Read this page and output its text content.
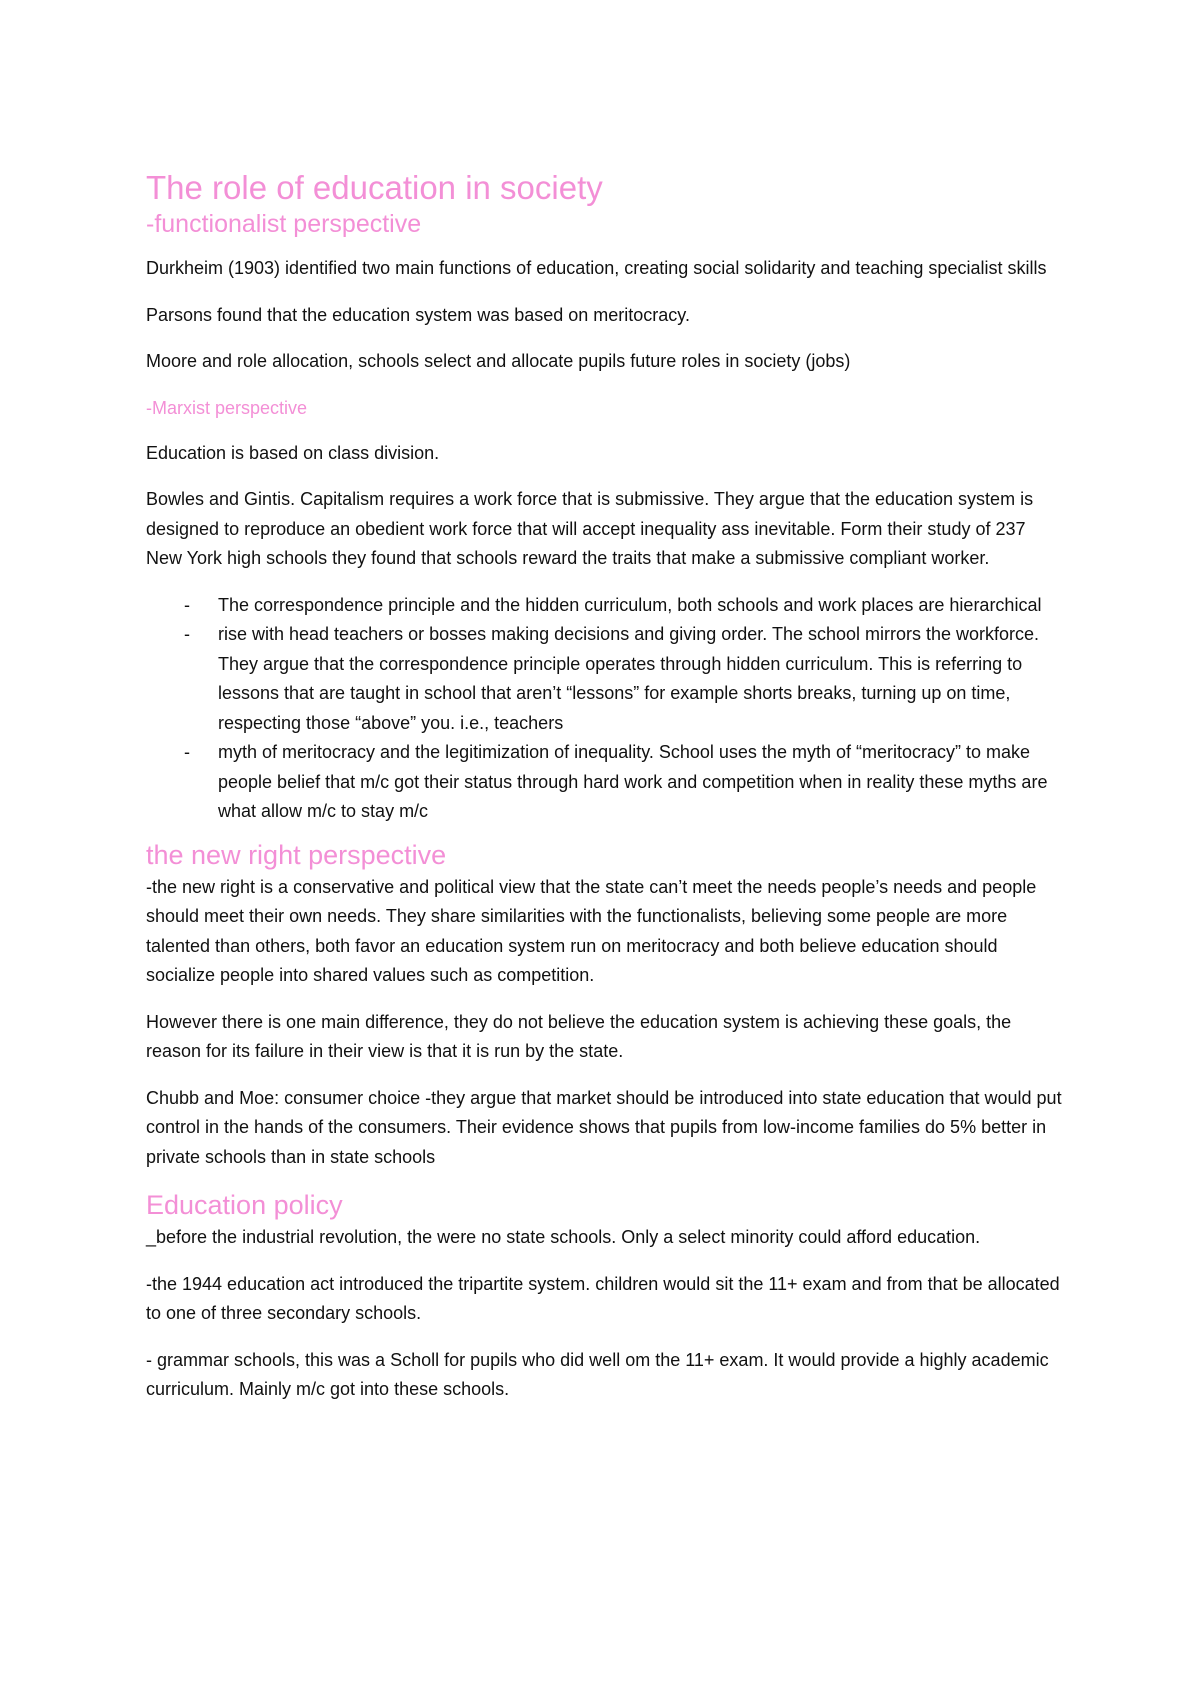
The role of education in society
-functionalist perspective

Durkheim (1903) identified two main functions of education, creating social solidarity and teaching specialist skills

Parsons found that the education system was based on meritocracy.

Moore and role allocation, schools select and allocate pupils future roles in society (jobs)

-Marxist perspective

Education is based on class division.

Bowles and Gintis. Capitalism requires a work force that is submissive. They argue that the education system is designed to reproduce an obedient work force that will accept inequality ass inevitable. Form their study of 237 New York high schools they found that schools reward the traits that make a submissive compliant worker.

- The correspondence principle and the hidden curriculum, both schools and work places are hierarchical
- rise with head teachers or bosses making decisions and giving order. The school mirrors the workforce. They argue that the correspondence principle operates through hidden curriculum. This is referring to lessons that are taught in school that aren’t “lessons” for example shorts breaks, turning up on time, respecting those “above” you. i.e., teachers
- myth of meritocracy and the legitimization of inequality. School uses the myth of “meritocracy” to make people belief that m/c got their status through hard work and competition when in reality these myths are what allow m/c to stay m/c
the new right perspective

-the new right is a conservative and political view that the state can’t meet the needs people’s needs and people should meet their own needs. They share similarities with the functionalists, believing some people are more talented than others, both favor an education system run on meritocracy and both believe education should socialize people into shared values such as competition.

However there is one main difference, they do not believe the education system is achieving these goals, the reason for its failure in their view is that it is run by the state.

Chubb and Moe: consumer choice -they argue that market should be introduced into state education that would put control in the hands of the consumers. Their evidence shows that pupils from low-income families do 5% better in private schools than in state schools

Education policy

_before the industrial revolution, the were no state schools. Only a select minority could afford education.

-the 1944 education act introduced the tripartite system. children would sit the 11+ exam and from that be allocated to one of three secondary schools.

- grammar schools, this was a Scholl for pupils who did well om the 11+ exam. It would provide a highly academic curriculum. Mainly m/c got into these schools.
